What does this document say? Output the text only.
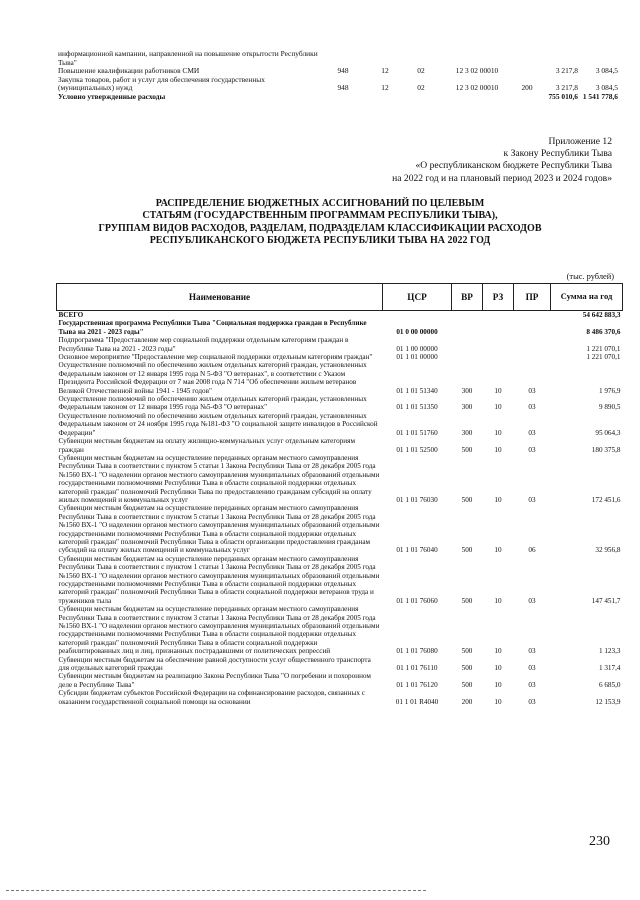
информационной кампании, направленной на повышение открытости Республики Тыва"							
Повышение квалификации работников СМИ	948	12	02	12 3 02 00010		3 217,8	3 084,5
Закупка товаров, работ и услуг для обеспечения государственных (муниципальных) нужд	948	12	02	12 3 02 00010	200	3 217,8	3 084,5
Условно утвержденные расходы						755 010,6	1 541 778,6
Приложение 12
к Закону Республики Тыва
«О республиканском бюджете Республики Тыва
на 2022 год и на плановый период 2023 и 2024 годов»
РАСПРЕДЕЛЕНИЕ БЮДЖЕТНЫХ АССИГНОВАНИЙ ПО ЦЕЛЕВЫМ
СТАТЬЯМ (ГОСУДАРСТВЕННЫМ ПРОГРАММАМ РЕСПУБЛИКИ ТЫВА),
ГРУППАМ ВИДОВ РАСХОДОВ, РАЗДЕЛАМ, ПОДРАЗДЕЛАМ КЛАССИФИКАЦИИ РАСХОДОВ
РЕСПУБЛИКАНСКОГО БЮДЖЕТА РЕСПУБЛИКИ ТЫВА НА 2022 ГОД
(тыс. рублей)
Наименование	ЦСР	ВР	РЗ	ПР	Сумма на год
ВСЕГО					54 642 883,3
Государственная программа Республики Тыва "Социальная поддержка граждан в Республике Тыва на 2021 - 2023 годы"	01 0 00 00000				8 486 370,6
Подпрограмма "Предоставление мер социальной поддержки отдельным категориям граждан в Республике Тыва на 2021 - 2023 годы"	01 1 00 00000				1 221 070,1
Основное мероприятие "Предоставление мер социальной поддержки отдельным категориям граждан"	01 1 01 00000				1 221 070,1
Осуществление полномочий по обеспечению жильем отдельных категорий граждан, установленных Федеральным законом от 12 января 1995 года N 5-ФЗ "О ветеранах", в соответствии с Указом Президента Российской Федерации от 7 мая 2008 года N 714 "Об обеспечении жильем ветеранов Великой Отечественной войны 1941 - 1945 годов"	01 1 01 51340	300	10	03	1 976,9
Осуществление полномочий по обеспечению жильем отдельных категорий граждан, установленных Федеральным законом от 12 января 1995 года №5-ФЗ "О ветеранах"	01 1 01 51350	300	10	03	9 890,5
Осуществление полномочий по обеспечению жильем отдельных категорий граждан, установленных Федеральным законом от 24 ноября 1995 года №181-ФЗ "О социальной защите инвалидов в Российской Федерации"	01 1 01 51760	300	10	03	95 064,3
Субвенции местным бюджетам на оплату жилищно-коммунальных услуг отдельным категориям граждан	01 1 01 52500	500	10	03	180 375,8
Субвенции местным бюджетам на осуществление переданных органам местного самоуправления Республики Тыва в соответствии с пунктом 5 статьи 1 Закона Республики Тыва от 28 декабря 2005 года №1560 ВХ-1 "О наделении органов местного самоуправления муниципальных образований отдельными государственными полномочиями Республики Тыва в области социальной поддержки отдельных категорий граждан" полномочий Республики Тыва по предоставлению гражданам субсидий на оплату жилых помещений и коммунальных услуг	01 1 01 76030	500	10	03	172 451,6
Субвенции местным бюджетам на осуществление переданных органам местного самоуправления Республики Тыва в соответствии с пунктом 5 статьи 1 Закона Республики Тыва от 28 декабря 2005 года №1560 ВХ-1 "О наделении органов местного самоуправления муниципальных образований отдельными государственными полномочиями Республики Тыва в области социальной поддержки отдельных категорий граждан" полномочий Республики Тыва в области организации предоставления гражданам субсидий на оплату жилых помещений и коммунальных услуг	01 1 01 76040	500	10	06	32 956,8
Субвенции местным бюджетам на осуществление переданных органам местного самоуправления Республики Тыва в соответствии с пунктом 1 статьи 1 Закона Республики Тыва от 28 декабря 2005 года №1560 ВХ-1 "О наделении органов местного самоуправления муниципальных образований отдельными государственными полномочиями Республики Тыва в области социальной поддержки отдельных категорий граждан" полномочий Республики Тыва в области социальной поддержки ветеранов труда и тружеников тыла	01 1 01 76060	500	10	03	147 451,7
Субвенции местным бюджетам на осуществление переданных органам местного самоуправления Республики Тыва в соответствии с пунктом 3 статьи 1 Закона Республики Тыва от 28 декабря 2005 года №1560 ВХ-1 "О наделении органов местного самоуправления муниципальных образований отдельными государственными полномочиями Республики Тыва в области социальной поддержки отдельных категорий граждан" полномочий Республики Тыва в области социальной поддержки реабилитированных лиц и лиц, признанных пострадавшими от политических репрессий	01 1 01 76080	500	10	03	1 123,3
Субвенции местным бюджетам на обеспечение равной доступности услуг общественного транспорта для отдельных категорий граждан	01 1 01 76110	500	10	03	1 317,4
Субвенции местным бюджетам на реализацию Закона Республики Тыва "О погребении и похоронном деле в Республике Тыва"	01 1 01 76120	500	10	03	6 685,0
Субсидии бюджетам субъектов Российской Федерации на софинансирование расходов, связанных с оказанием государственной социальной помощи на основании	01 1 01 R4040	200	10	03	12 153,9
230
